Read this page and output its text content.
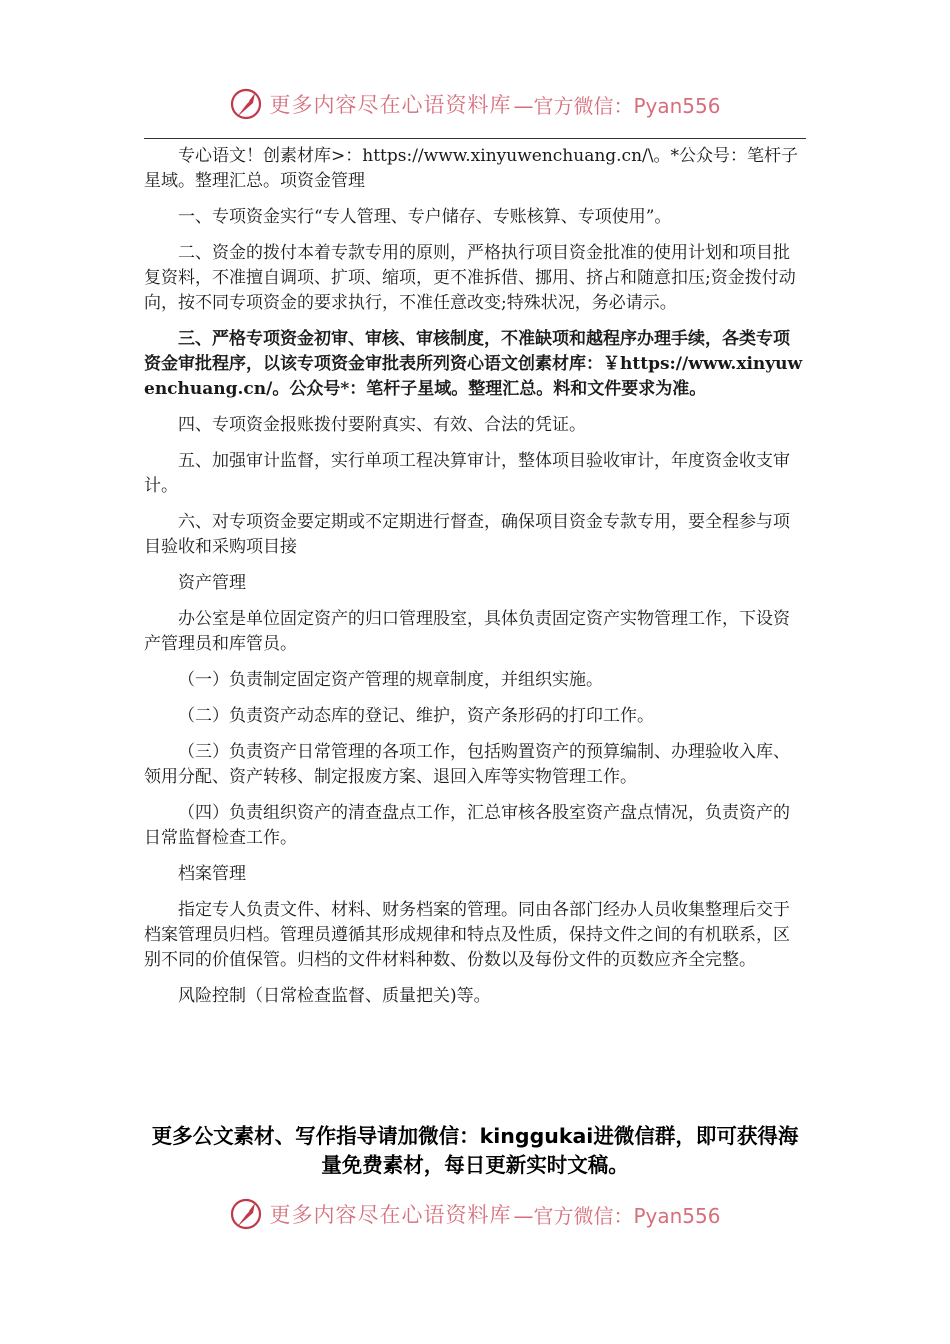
更多内容尽在心语资料库 —官方微信：Pyan556

专心语文！创素材库>：https://www.xinyuwenchuang.cn/\。*公众号：笔杆子星域。整理汇总。项资金管理

一、专项资金实行“专人管理、专户储存、专账核算、专项使用”。

二、资金的拨付本着专款专用的原则，严格执行项目资金批准的使用计划和项目批复资料，不准擅自调项、扩项、缩项，更不准拆借、挪用、挤占和随意扣压;资金拨付动向，按不同专项资金的要求执行，不准任意改变;特殊状况，务必请示。

三、严格专项资金初审、审核、审核制度，不准缺项和越程序办理手续，各类专项资金审批程序，以该专项资金审批表所列资心语文创素材库：￥https://www.xinyuwenchuang.cn/。公众号*：笔杆子星域。整理汇总。料和文件要求为准。

四、专项资金报账拨付要附真实、有效、合法的凭证。

五、加强审计监督，实行单项工程决算审计，整体项目验收审计，年度资金收支审计。

六、对专项资金要定期或不定期进行督查，确保项目资金专款专用，要全程参与项目验收和采购项目接

资产管理

办公室是单位固定资产的归口管理股室，具体负责固定资产实物管理工作，下设资产管理员和库管员。

（一）负责制定固定资产管理的规章制度，并组织实施。

（二）负责资产动态库的登记、维护，资产条形码的打印工作。

（三）负责资产日常管理的各项工作，包括购置资产的预算编制、办理验收入库、领用分配、资产转移、制定报废方案、退回入库等实物管理工作。

（四）负责组织资产的清查盘点工作，汇总审核各股室资产盘点情况，负责资产的日常监督检查工作。

档案管理

指定专人负责文件、材料、财务档案的管理。同由各部门经办人员收集整理后交于档案管理员归档。管理员遵循其形成规律和特点及性质，保持文件之间的有机联系，区别不同的价值保管。归档的文件材料种数、份数以及每份文件的页数应齐全完整。

风险控制（日常检查监督、质量把关)等。

更多公文素材、写作指导请加微信：kinggukai进微信群，即可获得海量免费素材，每日更新实时文稿。
更多内容尽在心语资料库 —官方微信：Pyan556
